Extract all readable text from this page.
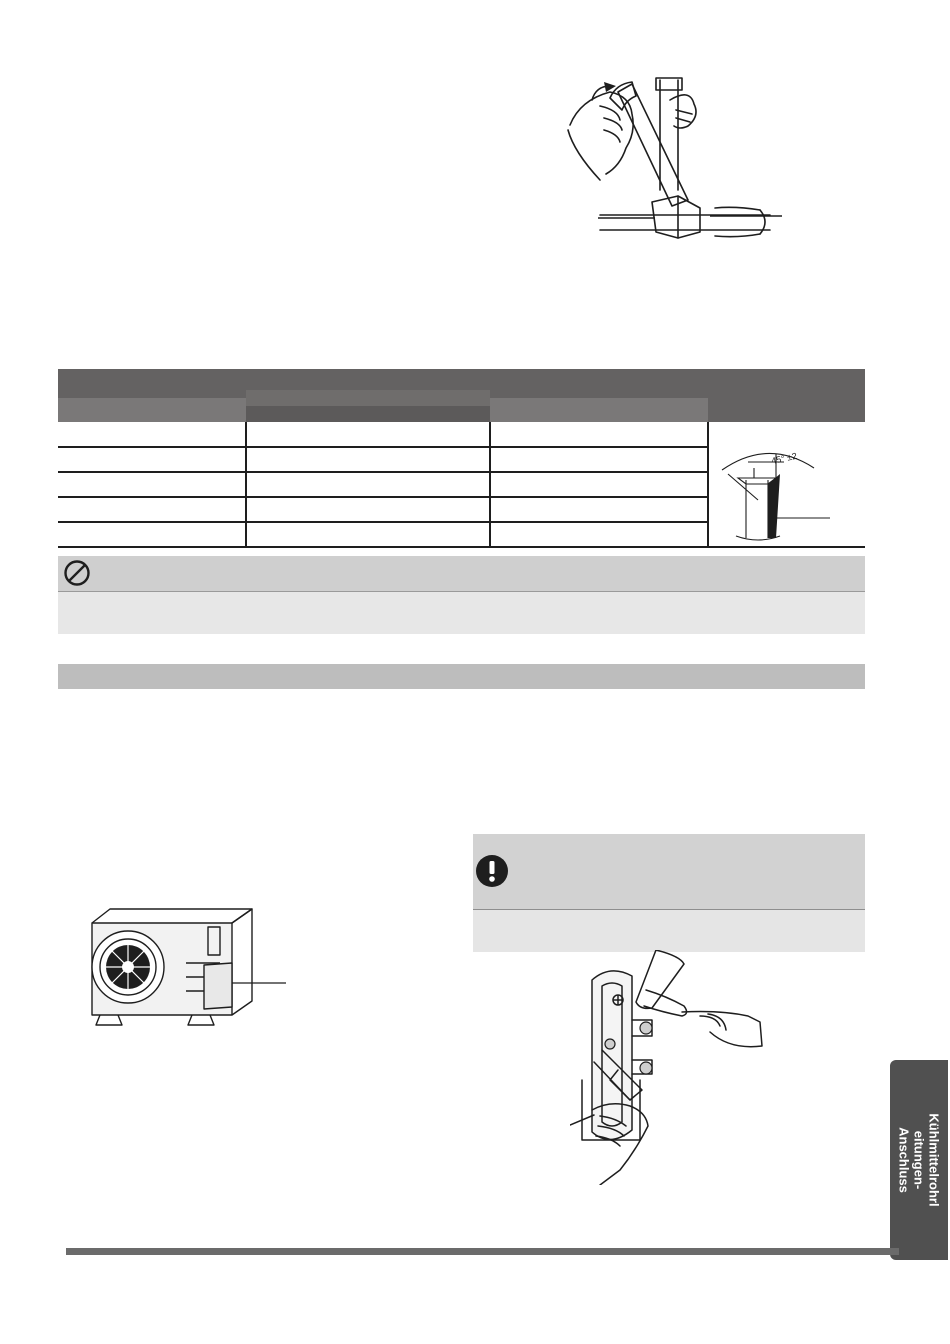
45° ±2
Kühlmittelrohrl
eitungen-
Anschluss
